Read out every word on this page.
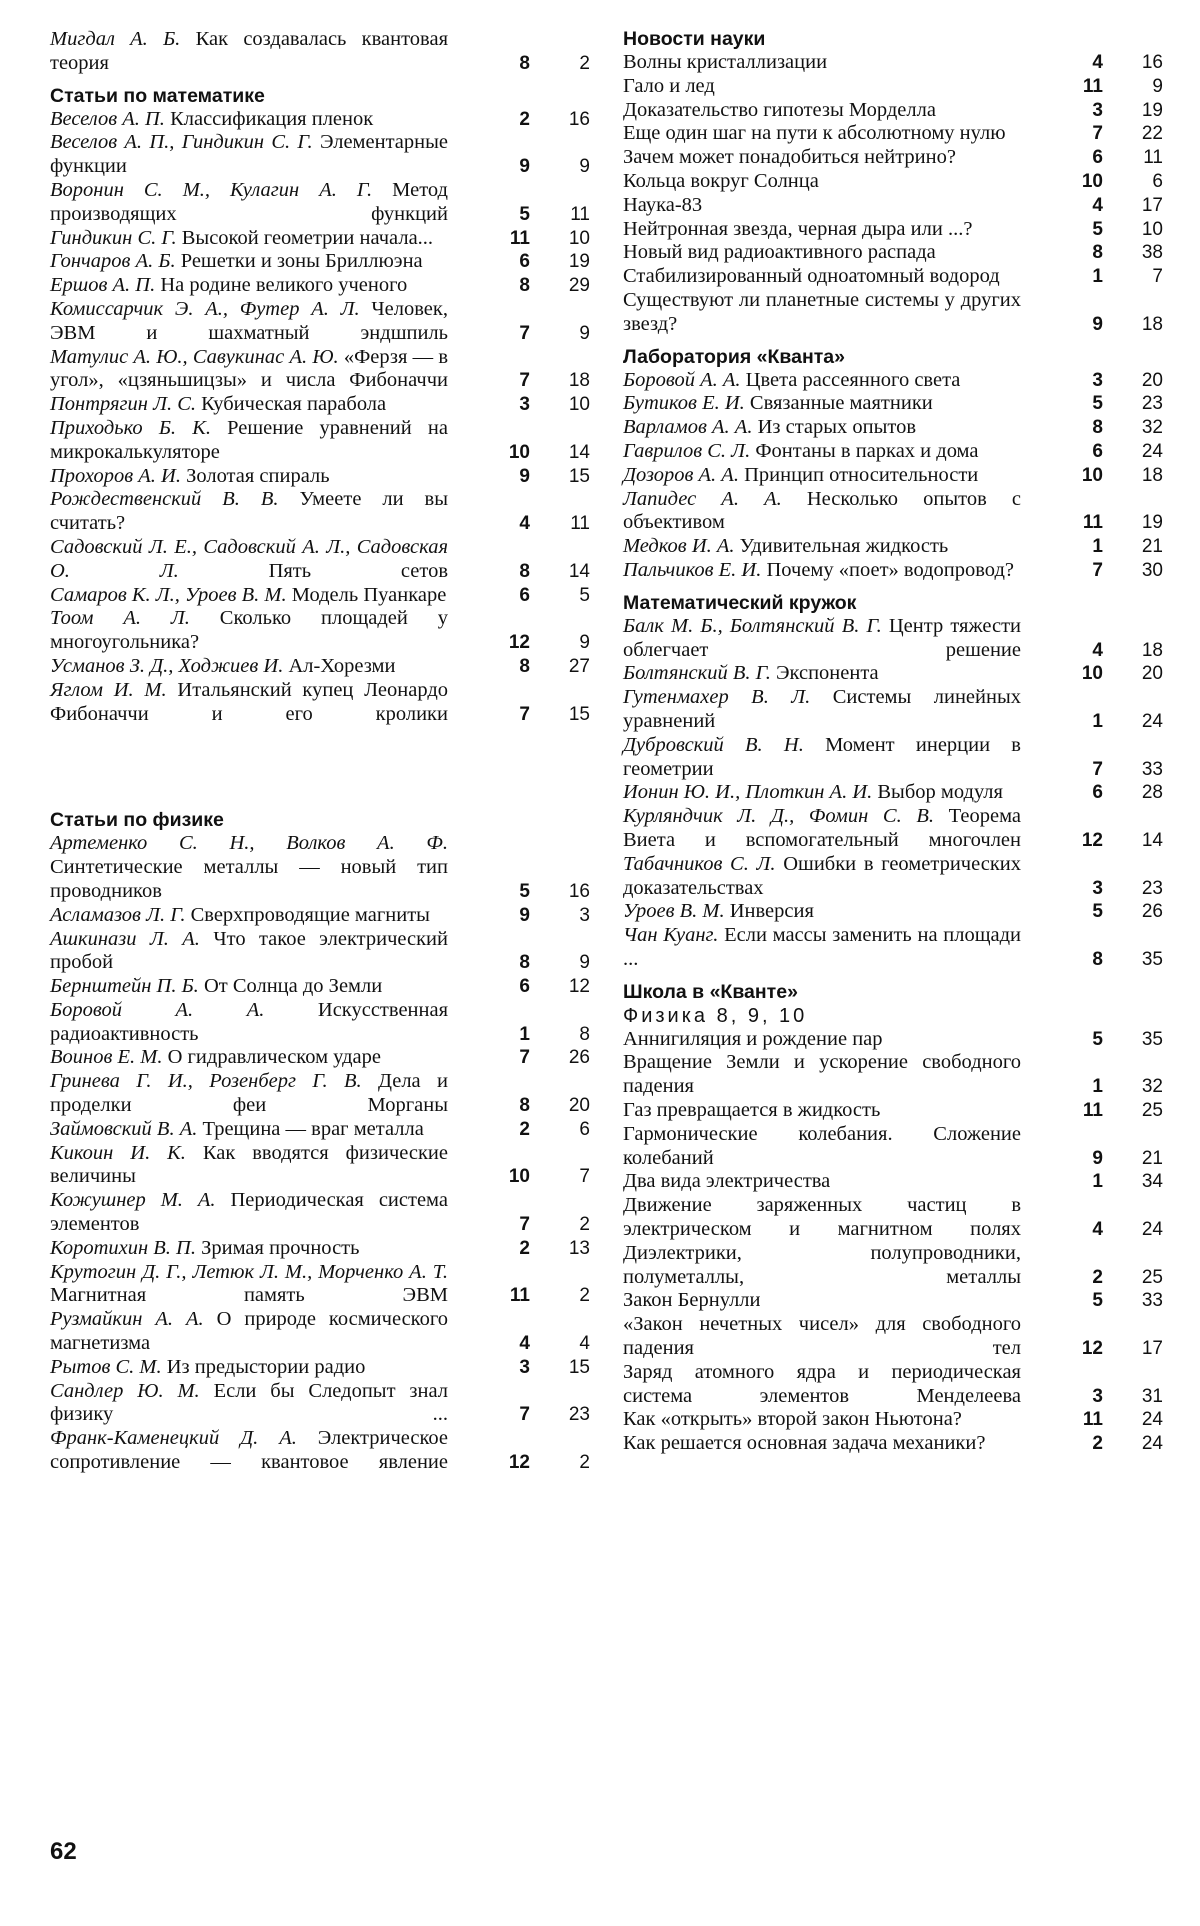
Мигдал А. Б. Как создавалась квантовая теория	8	2
Статьи по математике
Веселов А. П. Классификация пленок	2	16
Веселов А. П., Гиндикин С. Г. Элементарные функции	9	9
Воронин С. М., Кулагин А. Г. Метод производящих функций	5	11
Гиндикин С. Г. Высокой геометрии начала...	11	10
Гончаров А. Б. Решетки и зоны Бриллюэна	6	19
Ершов А. П. На родине великого ученого	8	29
Комиссарчик Э. А., Футер А. Л. Человек, ЭВМ и шахматный эндшпиль	7	9
Матулис А. Ю., Савукинас А. Ю. «Ферзя — в угол», «цзяньшицзы» и числа Фибоначчи	7	18
Понтрягин Л. С. Кубическая парабола	3	10
Приходько Б. К. Решение уравнений на микрокалькуляторе	10	14
Прохоров А. И. Золотая спираль	9	15
Рождественский В. В. Умеете ли вы считать?	4	11
Садовский Л. Е., Садовский А. Л., Садовская О. Л. Пять сетов	8	14
Самаров К. Л., Уроев В. М. Модель Пуанкаре	6	5
Тоом А. Л. Сколько площадей у многоугольника?	12	9
Усманов З. Д., Ходжиев И. Ал-Хорезми	8	27
Яглом И. М. Итальянский купец Леонардо Фибоначчи и его кролики	7	15
Статьи по физике
Артеменко С. Н., Волков А. Ф. Синтетические металлы — новый тип проводников	5	16
Асламазов Л. Г. Сверхпроводящие магниты	9	3
Ашкинази Л. А. Что такое электрический пробой	8	9
Бернштейн П. Б. От Солнца до Земли	6	12
Боровой А. А. Искусственная радиоактивность	1	8
Воинов Е. М. О гидравлическом ударе	7	26
Гринева Г. И., Розенберг Г. В. Дела и проделки феи Морганы	8	20
Займовский В. А. Трещина — враг металла	2	6
Кикоин И. К. Как вводятся физические величины	10	7
Кожушнер М. А. Периодическая система элементов	7	2
Коротихин В. П. Зримая прочность	2	13
Крутогин Д. Г., Летюк Л. М., Морченко А. Т. Магнитная память ЭВМ	11	2
Рузмайкин А. А. О природе космического магнетизма	4	4
Рытов С. М. Из предыстории радио	3	15
Сандлер Ю. М. Если бы Следопыт знал физику ...	7	23
Франк-Каменецкий Д. А. Электрическое сопротивление — квантовое явление	12	2
Новости науки
Волны кристаллизации	4	16
Гало и лед	11	9
Доказательство гипотезы Морделла	3	19
Еще один шаг на пути к абсолютному нулю	7	22
Зачем может понадобиться нейтрино?	6	11
Кольца вокруг Солнца	10	6
Наука-83	4	17
Нейтронная звезда, черная дыра или ...?	5	10
Новый вид радиоактивного распада	8	38
Стабилизированный одноатомный водород	1	7
Существуют ли планетные системы у других звезд?	9	18
Лаборатория «Кванта»
Боровой А. А. Цвета рассеянного света	3	20
Бутиков Е. И. Связанные маятники	5	23
Варламов А. А. Из старых опытов	8	32
Гаврилов С. Л. Фонтаны в парках и дома	6	24
Дозоров А. А. Принцип относительности	10	18
Лапидес А. А. Несколько опытов с объективом	11	19
Медков И. А. Удивительная жидкость	1	21
Пальчиков Е. И. Почему «поет» водопровод?	7	30
Математический кружок
Балк М. Б., Болтянский В. Г. Центр тяжести облегчает решение	4	18
Болтянский В. Г. Экспонента	10	20
Гутенмахер В. Л. Системы линейных уравнений	1	24
Дубровский В. Н. Момент инерции в геометрии	7	33
Ионин Ю. И., Плоткин А. И. Выбор модуля	6	28
Курляндчик Л. Д., Фомин С. В. Теорема Виета и вспомогательный многочлен	12	14
Табачников С. Л. Ошибки в геометрических доказательствах	3	23
Уроев В. М. Инверсия	5	26
Чан Куанг. Если массы заменить на площади ...	8	35
Школа в «Кванте»
Физика 8, 9, 10
Аннигиляция и рождение пар	5	35
Вращение Земли и ускорение свободного падения	1	32
Газ превращается в жидкость	11	25
Гармонические колебания. Сложение колебаний	9	21
Два вида электричества	1	34
Движение заряженных частиц в электрическом и магнитном полях	4	24
Диэлектрики, полупроводники, полуметаллы, металлы	2	25
Закон Бернулли	5	33
«Закон нечетных чисел» для свободного падения тел	12	17
Заряд атомного ядра и периодическая система элементов Менделеева	3	31
Как «открыть» второй закон Ньютона?	11	24
Как решается основная задача механики?	2	24
62
